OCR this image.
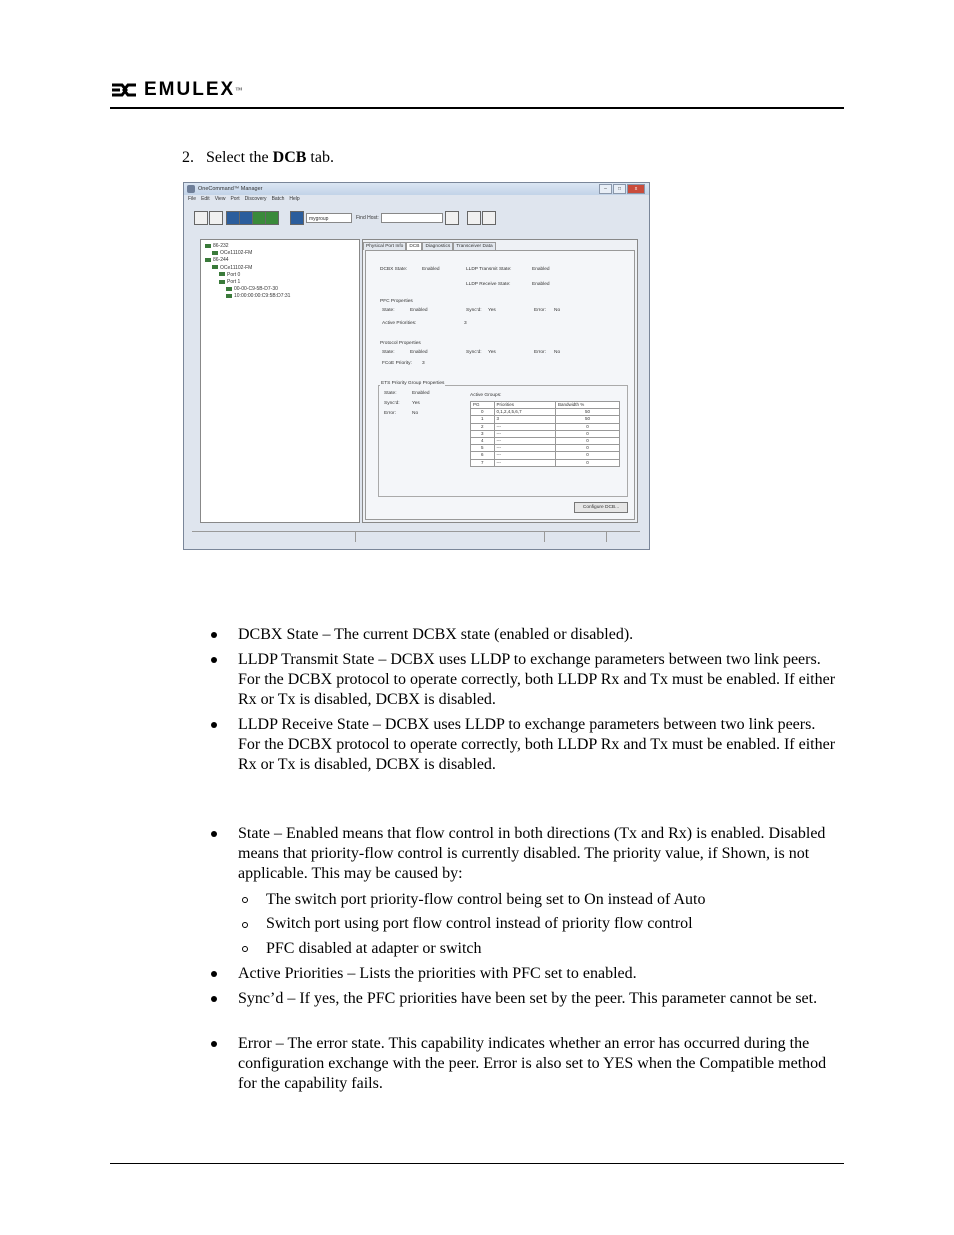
EMULEX ™
2. Select the DCB tab.
OneCommand™ Manager	–	□	x
File Edit View Port Discovery Batch Help
mygroup	Find Host:
86-232
OCe11102-FM
86-244
OCe11102-FM
Port 0
Port 1
00-00-C9-5B-D7-30
10:00:00:00:C9:5B:D7:31
Physical Port Info	DCB	Diagnostics	Transceiver Data
DCBX State:	Enabled	LLDP Transmit State:	Enabled
LLDP Receive State:	Enabled
PFC Properties
State:	Enabled	Sync'd: Yes	Error: No
Active Priorities:	3
Protocol Properties
State:	Enabled	Sync'd: Yes	Error: No
FCoE Priority: 3
ETS Priority Group Properties
State:	Enabled
Sync'd:	Yes
Error:	No
Active Groups:
PG	Priorities	Bandwidth %
0	0,1,2,4,5,6,7	50
1	3	50
2	---	0
3	---	0
4	---	0
5	---	0
6	---	0
7	---	0
Configure DCB...
DCBX State – The current DCBX state (enabled or disabled).
LLDP Transmit State – DCBX uses LLDP to exchange parameters between two link peers. For the DCBX protocol to operate correctly, both LLDP Rx and Tx must be enabled. If either Rx or Tx is disabled, DCBX is disabled.
LLDP Receive State – DCBX uses LLDP to exchange parameters between two link peers. For the DCBX protocol to operate correctly, both LLDP Rx and Tx must be enabled. If either Rx or Tx is disabled, DCBX is disabled.
State – Enabled means that flow control in both directions (Tx and Rx) is enabled. Disabled means that priority-flow control is currently disabled. The priority value, if Shown, is not applicable. This may be caused by:
The switch port priority-flow control being set to On instead of Auto
Switch port using port flow control instead of priority flow control
PFC disabled at adapter or switch
Active Priorities – Lists the priorities with PFC set to enabled.
Sync’d – If yes, the PFC priorities have been set by the peer. This parameter cannot be set.
Error – The error state. This capability indicates whether an error has occurred during the configuration exchange with the peer. Error is also set to YES when the Compatible method for the capability fails.
